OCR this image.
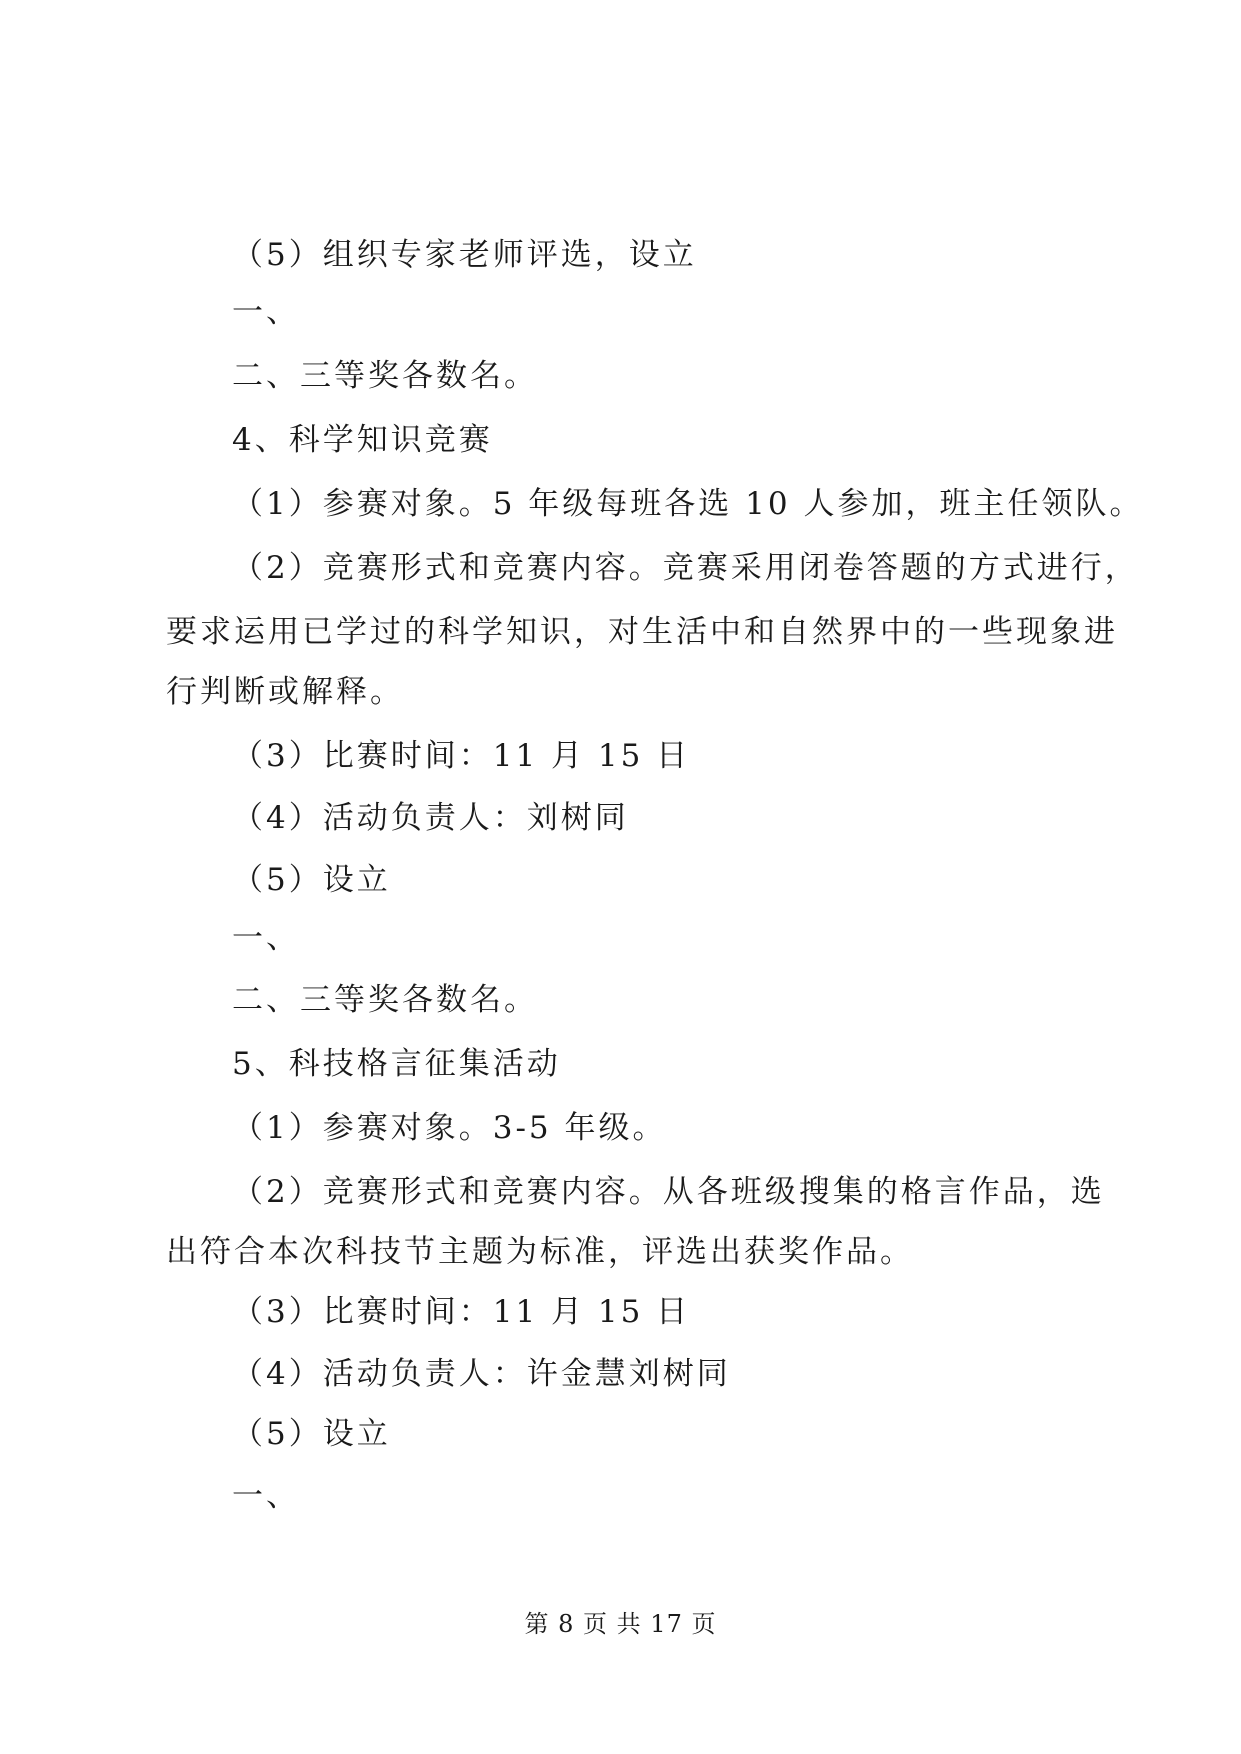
（5）组织专家老师评选，设立
一、
二、三等奖各数名。
4、科学知识竞赛
（1）参赛对象。5 年级每班各选 10 人参加，班主任领队。
（2）竞赛形式和竞赛内容。竞赛采用闭卷答题的方式进行，
要求运用已学过的科学知识，对生活中和自然界中的一些现象进
行判断或解释。
（3）比赛时间：11 月 15 日
（4）活动负责人：刘树同
（5）设立
一、
二、三等奖各数名。
5、科技格言征集活动
（1）参赛对象。3-5 年级。
（2）竞赛形式和竞赛内容。从各班级搜集的格言作品，选
出符合本次科技节主题为标准，评选出获奖作品。
（3）比赛时间：11 月 15 日
（4）活动负责人：许金慧刘树同
（5）设立
一、
第 8 页 共 17 页
